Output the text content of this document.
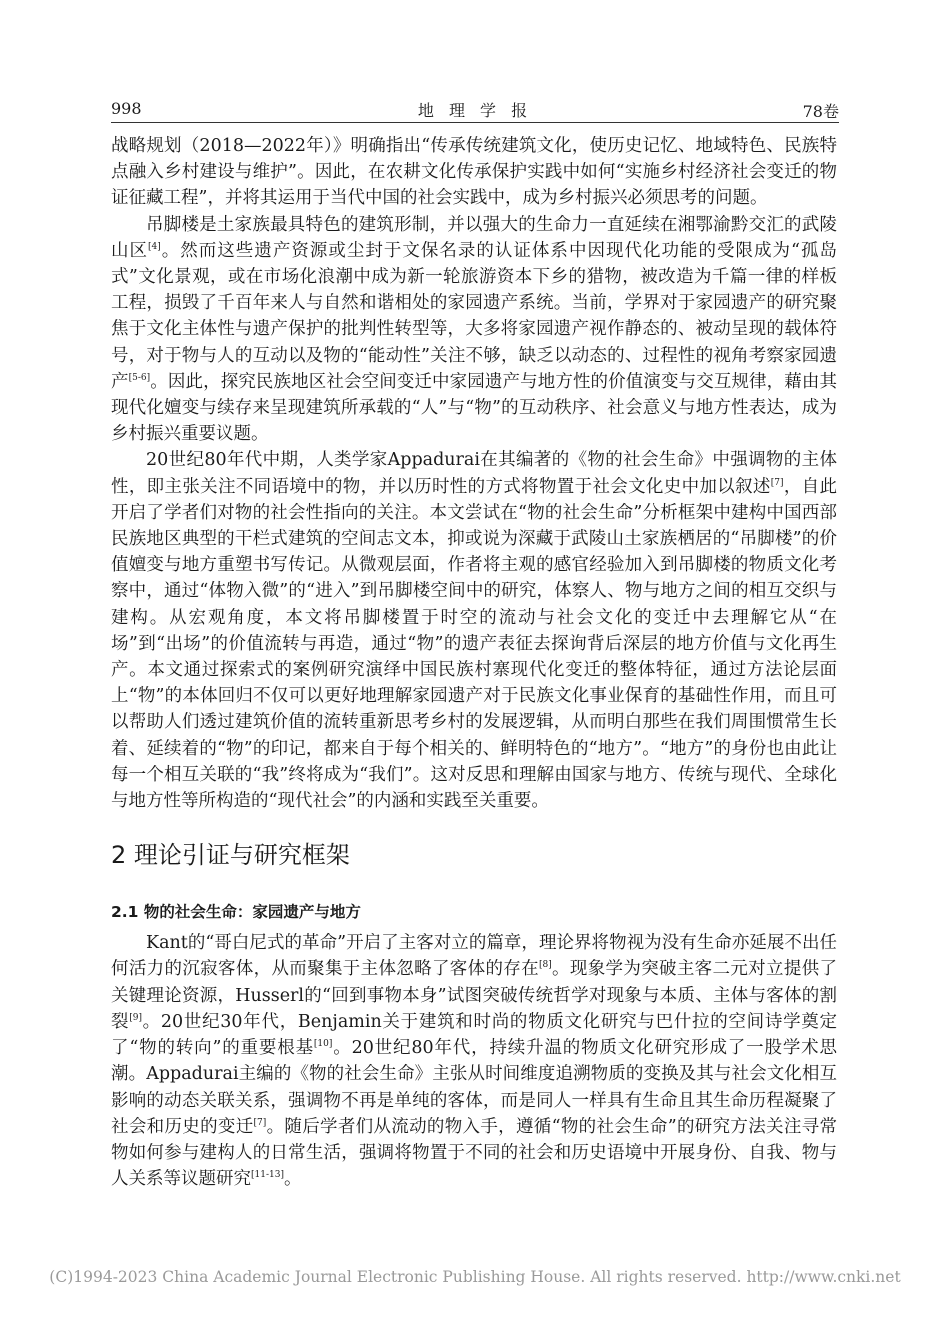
998	地 理 学 报	78卷

战略规划（2018—2022年）》明确指出“传承传统建筑文化，使历史记忆、地域特色、民族特点融入乡村建设与维护”。因此，在农耕文化传承保护实践中如何“实施乡村经济社会变迁的物证征藏工程”，并将其运用于当代中国的社会实践中，成为乡村振兴必须思考的问题。

吊脚楼是土家族最具特色的建筑形制，并以强大的生命力一直延续在湘鄂渝黔交汇的武陵山区[4]。然而这些遗产资源或尘封于文保名录的认证体系中因现代化功能的受限成为“孤岛式”文化景观，或在市场化浪潮中成为新一轮旅游资本下乡的猎物，被改造为千篇一律的样板工程，损毁了千百年来人与自然和谐相处的家园遗产系统。当前，学界对于家园遗产的研究聚焦于文化主体性与遗产保护的批判性转型等，大多将家园遗产视作静态的、被动呈现的载体符号，对于物与人的互动以及物的“能动性”关注不够，缺乏以动态的、过程性的视角考察家园遗产[5-6]。因此，探究民族地区社会空间变迁中家园遗产与地方性的价值演变与交互规律，藉由其现代化嬗变与续存来呈现建筑所承载的“人”与“物”的互动秩序、社会意义与地方性表达，成为乡村振兴重要议题。

20世纪80年代中期，人类学家Appadurai在其编著的《物的社会生命》中强调物的主体性，即主张关注不同语境中的物，并以历时性的方式将物置于社会文化史中加以叙述[7]，自此开启了学者们对物的社会性指向的关注。本文尝试在“物的社会生命”分析框架中建构中国西部民族地区典型的干栏式建筑的空间志文本，抑或说为深藏于武陵山土家族栖居的“吊脚楼”的价值嬗变与地方重塑书写传记。从微观层面，作者将主观的感官经验加入到吊脚楼的物质文化考察中，通过“体物入微”的“进入”到吊脚楼空间中的研究，体察人、物与地方之间的相互交织与建构。从宏观角度，本文将吊脚楼置于时空的流动与社会文化的变迁中去理解它从“在场”到“出场”的价值流转与再造，通过“物”的遗产表征去探询背后深层的地方价值与文化再生产。本文通过探索式的案例研究演绎中国民族村寨现代化变迁的整体特征，通过方法论层面上“物”的本体回归不仅可以更好地理解家园遗产对于民族文化事业保育的基础性作用，而且可以帮助人们透过建筑价值的流转重新思考乡村的发展逻辑，从而明白那些在我们周围惯常生长着、延续着的“物”的印记，都来自于每个相关的、鲜明特色的“地方”。“地方”的身份也由此让每一个相互关联的“我”终将成为“我们”。这对反思和理解由国家与地方、传统与现代、全球化与地方性等所构造的“现代社会”的内涵和实践至关重要。

2 理论引证与研究框架
2.1 物的社会生命：家园遗产与地方

Kant的“哥白尼式的革命”开启了主客对立的篇章，理论界将物视为没有生命亦延展不出任何活力的沉寂客体，从而聚集于主体忽略了客体的存在[8]。现象学为突破主客二元对立提供了关键理论资源，Husserl的“回到事物本身”试图突破传统哲学对现象与本质、主体与客体的割裂[9]。20世纪30年代，Benjamin关于建筑和时尚的物质文化研究与巴什拉的空间诗学奠定了“物的转向”的重要根基[10]。20世纪80年代，持续升温的物质文化研究形成了一股学术思潮。Appadurai主编的《物的社会生命》主张从时间维度追溯物质的变换及其与社会文化相互影响的动态关联关系，强调物不再是单纯的客体，而是同人一样具有生命且其生命历程凝聚了社会和历史的变迁[7]。随后学者们从流动的物入手，遵循“物的社会生命”的研究方法关注寻常物如何参与建构人的日常生活，强调将物置于不同的社会和历史语境中开展身份、自我、物与人关系等议题研究[11-13]。

(C)1994-2023 China Academic Journal Electronic Publishing House. All rights reserved. http://www.cnki.net
